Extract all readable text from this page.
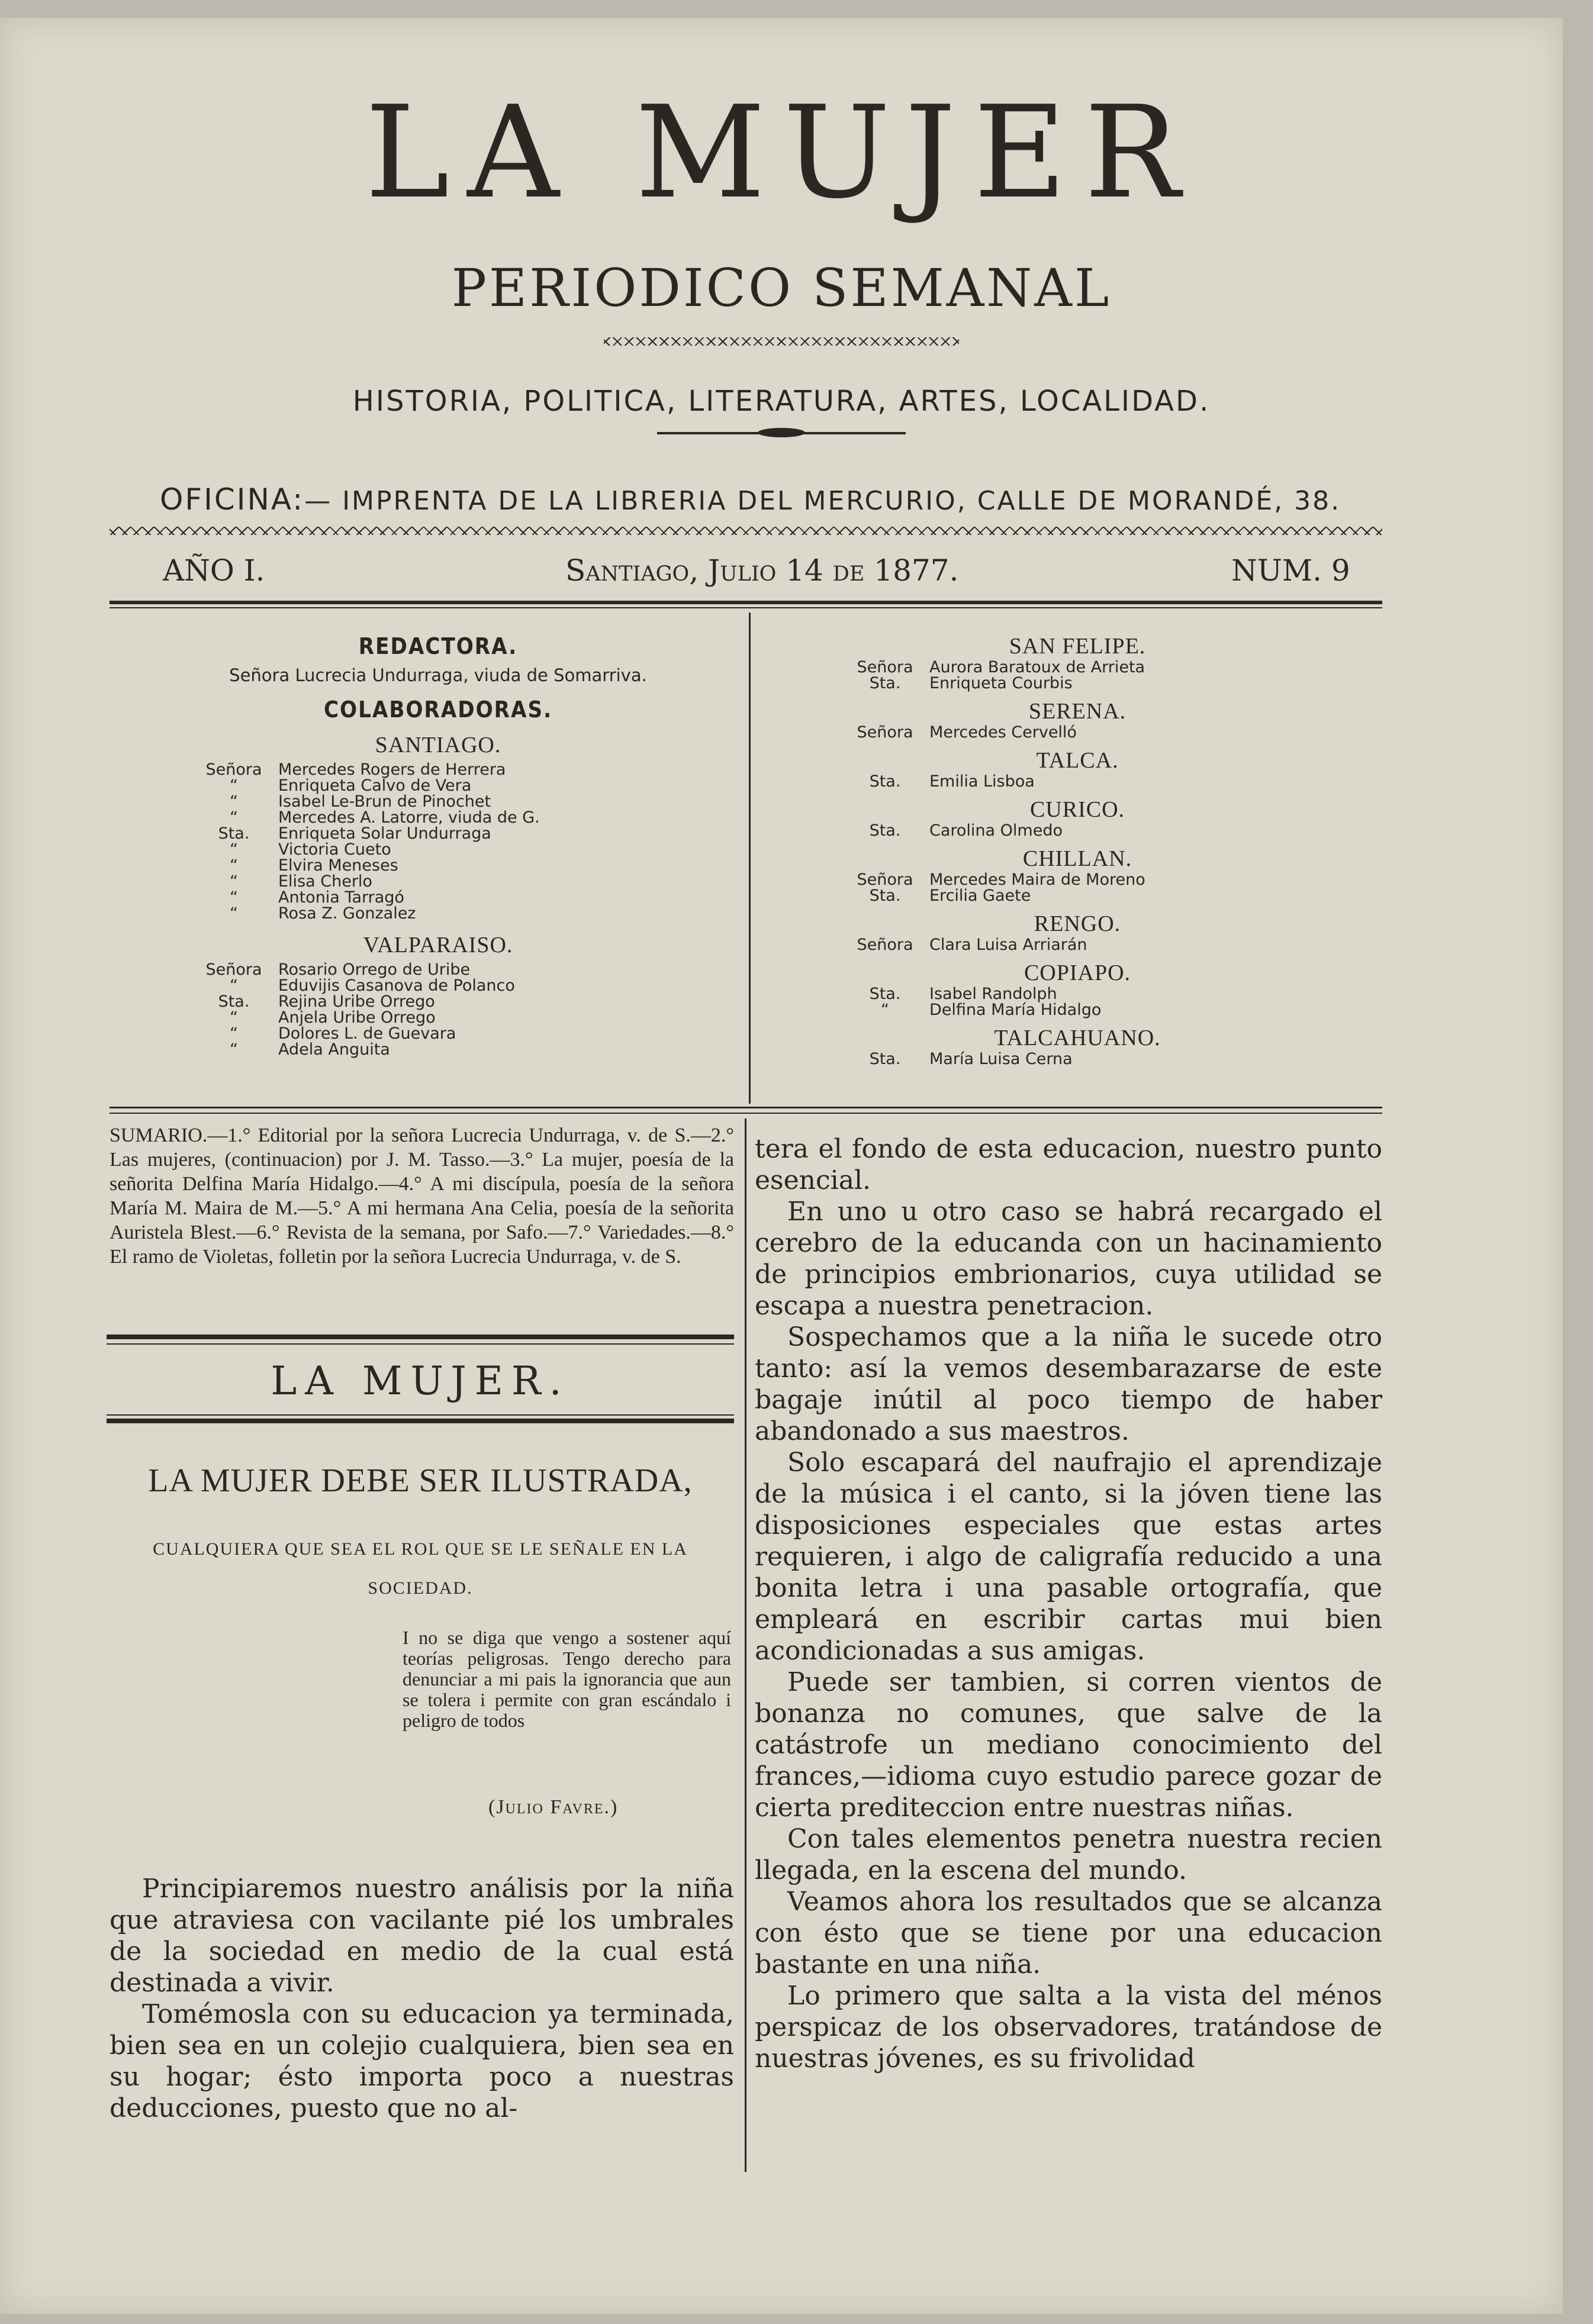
LA MUJER
PERIODICO SEMANAL
HISTORIA, POLITICA, LITERATURA, ARTES, LOCALIDAD.
OFICINA:— IMPRENTA DE LA LIBRERIA DEL MERCURIO, CALLE DE MORANDÉ, 38.
AÑO I.	Santiago, Julio 14 de 1877.	NUM. 9
REDACTORA.
Señora Lucrecia Undurraga, viuda de Somarriva.
COLABORADORAS.
SANTIAGO.
Señora	Mercedes Rogers de Herrera
“	Enriqueta Calvo de Vera
“	Isabel Le-Brun de Pinochet
“	Mercedes A. Latorre, viuda de G.
Sta.	Enriqueta Solar Undurraga
“	Victoria Cueto
“	Elvira Meneses
“	Elisa Cherlo
“	Antonia Tarragó
“	Rosa Z. Gonzalez
VALPARAISO.
Señora	Rosario Orrego de Uribe
“	Eduvijis Casanova de Polanco
Sta.	Rejina Uribe Orrego
“	Anjela Uribe Orrego
“	Dolores L. de Guevara
“	Adela Anguita
SAN FELIPE.
Señora	Aurora Baratoux de Arrieta
Sta.	Enriqueta Courbis
SERENA.
Señora	Mercedes Cervelló
TALCA.
Sta.	Emilia Lisboa
CURICO.
Sta.	Carolina Olmedo
CHILLAN.
Señora	Mercedes Maira de Moreno
Sta.	Ercilia Gaete
RENGO.
Señora	Clara Luisa Arriarán
COPIAPO.
Sta.	Isabel Randolph
“	Delfina María Hidalgo
TALCAHUANO.
Sta.	María Luisa Cerna
SUMARIO.—1.° Editorial por la señora Lucrecia Undurraga, v. de S.—2.° Las mujeres, (continuacion) por J. M. Tasso.—3.° La mujer, poesía de la señorita Delfina María Hidalgo.—4.° A mi discípula, poesía de la señora María M. Maira de M.—5.° A mi hermana Ana Celia, poesía de la señorita Auristela Blest.—6.° Revista de la semana, por Safo.—7.° Variedades.—8.° El ramo de Violetas, folletin por la señora Lucrecia Undurraga, v. de S.
LA MUJER.
LA MUJER DEBE SER ILUSTRADA,
CUALQUIERA QUE SEA EL ROL QUE SE LE SEÑALE EN LA SOCIEDAD.
I no se diga que vengo a sostener aquí teorías peligrosas. Tengo derecho para denunciar a mi pais la ignorancia que aun se tolera i permite con gran escándalo i peligro de todos
(Julio Favre.)

Principiaremos nuestro análisis por la niña que atraviesa con vacilante pié los umbrales de la sociedad en medio de la cual está destinada a vivir.

Tomémosla con su educacion ya terminada, bien sea en un colejio cualquiera, bien sea en su hogar; ésto importa poco a nuestras deducciones, puesto que no al-

tera el fondo de esta educacion, nuestro punto esencial.

En uno u otro caso se habrá recargado el cerebro de la educanda con un hacinamiento de principios embrionarios, cuya utilidad se escapa a nuestra penetracion.

Sospechamos que a la niña le sucede otro tanto: así la vemos desembarazarse de este bagaje inútil al poco tiempo de haber abandonado a sus maestros.

Solo escapará del naufrajio el aprendizaje de la música i el canto, si la jóven tiene las disposiciones especiales que estas artes requieren, i algo de caligrafía reducido a una bonita letra i una pasable ortografía, que empleará en escribir cartas mui bien acondicionadas a sus amigas.

Puede ser tambien, si corren vientos de bonanza no comunes, que salve de la catástrofe un mediano conocimiento del frances,—idioma cuyo estudio parece gozar de cierta prediteccion entre nuestras niñas.

Con tales elementos penetra nuestra recien llegada, en la escena del mundo.

Veamos ahora los resultados que se alcanza con ésto que se tiene por una educacion bastante en una niña.

Lo primero que salta a la vista del ménos perspicaz de los observadores, tratándose de nuestras jóvenes, es su frivolidad
